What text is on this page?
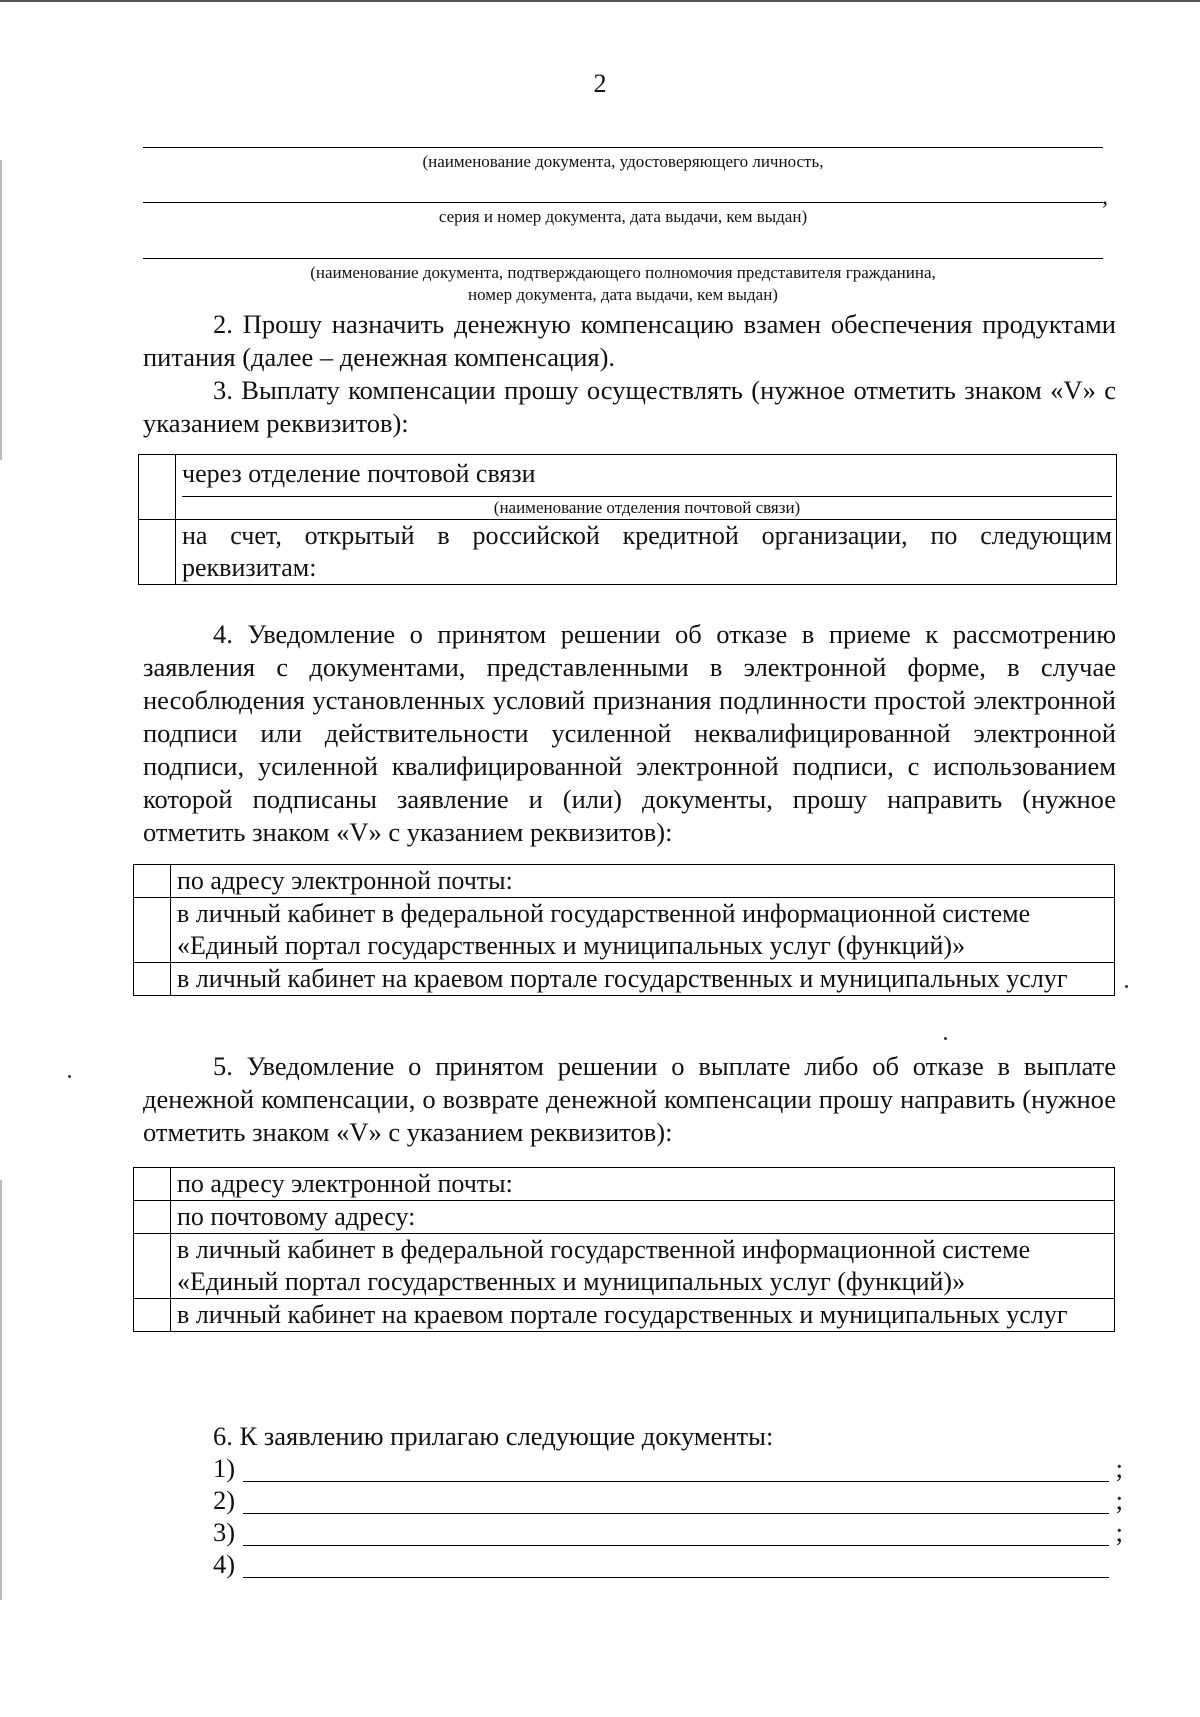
2
(наименование документа, удостоверяющего личность,
,
серия и номер документа, дата выдачи, кем выдан)
(наименование документа, подтверждающего полномочия представителя гражданина,
номер документа, дата выдачи, кем выдан)

2. Прошу назначить денежную компенсацию взамен обеспечения продуктами питания (далее – денежная компенсация).

3. Выплату компенсации прошу осуществлять (нужное отметить знаком «V» с указанием реквизитов):

	через отделение почтовой связи
(наименование отделения почтовой связи)

	на счет, открытый в российской кредитной организации, по следующим реквизитам:

4. Уведомление о принятом решении об отказе в приеме к рассмотрению заявления с документами, представленными в электронной форме, в случае несоблюдения установленных условий признания подлинности простой электронной подписи или действительности усиленной неквалифицированной электронной подписи, усиленной квалифицированной электронной подписи, с использованием которой подписаны заявление и (или) документы, прошу направить (нужное отметить знаком «V» с указанием реквизитов):

	по адресу электронной почты:
	в личный кабинет в федеральной государственной информационной системе «Единый портал государственных и муниципальных услуг (функций)»
	в личный кабинет на краевом портале государственных и муниципальных услуг

5. Уведомление о принятом решении о выплате либо об отказе в выплате денежной компенсации, о возврате денежной компенсации прошу направить (нужное отметить знаком «V» с указанием реквизитов):

	по адресу электронной почты:
	по почтовому адресу:
	в личный кабинет в федеральной государственной информационной системе «Единый портал государственных и муниципальных услуг (функций)»
	в личный кабинет на краевом портале государственных и муниципальных услуг

6. К заявлению прилагаю следующие документы:

1)	;
2)	;
3)	;
4)
